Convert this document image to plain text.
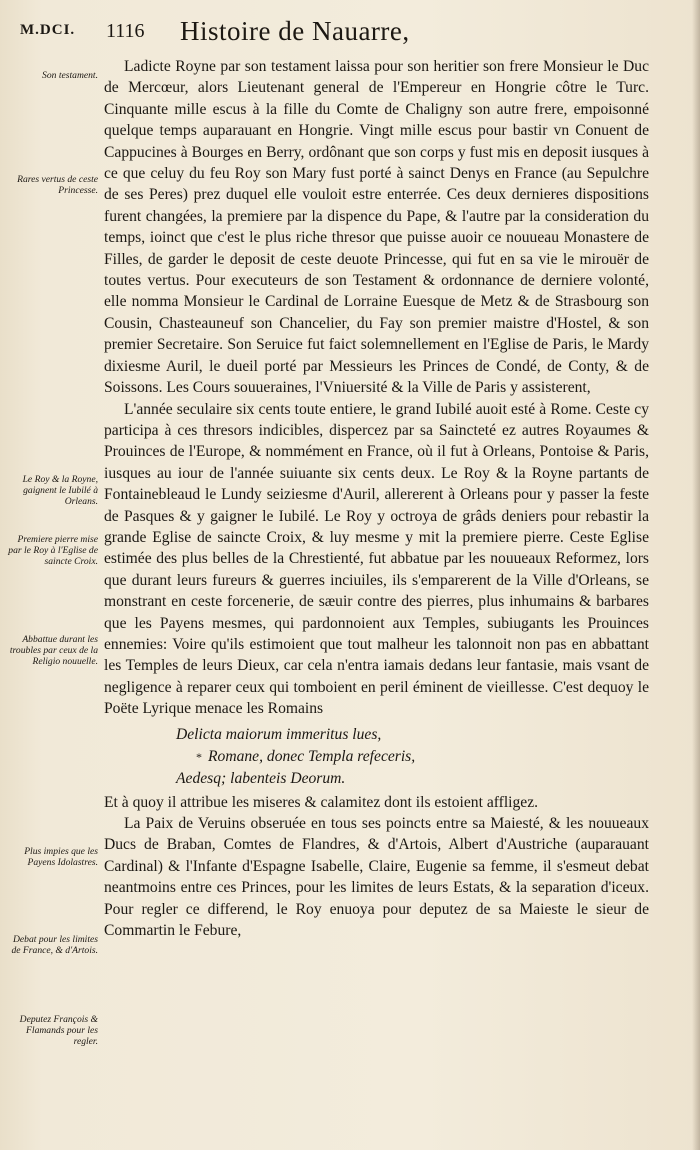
M.DCI. 1116 Histoire de Nauarre,
Son testament.
Rares vertus de ceste Princesse.
Le Roy & la Royne, gaignent le Iubilé à Orleans.
Premiere pierre mise par le Roy à l'Eglise de saincte Croix.
Abbattue durant les troubles par ceux de la Religio nouuelle.
Plus impies que les Payens Idolastres.
Debat pour les limites de France, & d'Artois.
Deputez François & Flamands pour les regler.

Ladicte Royne par son testament laissa pour son heritier son frere Monsieur le Duc de Mercœur, alors Lieutenant general de l'Empereur en Hongrie côtre le Turc. Cinquante mille escus à la fille du Comte de Chaligny son autre frere, empoisonné quelque temps auparauant en Hongrie. Vingt mille escus pour bastir vn Conuent de Cappucines à Bourges en Berry, ordônant que son corps y fust mis en deposit iusques à ce que celuy du feu Roy son Mary fust porté à sainct Denys en France (au Sepulchre de ses Peres) prez duquel elle vouloit estre enterrée. Ces deux dernieres dispositions furent changées, la premiere par la dispence du Pape, & l'autre par la consideration du temps, ioinct que c'est le plus riche thresor que puisse auoir ce nouueau Monastere de Filles, de garder le deposit de ceste deuote Princesse, qui fut en sa vie le mirouër de toutes vertus. Pour executeurs de son Testament & ordonnance de derniere volonté, elle nomma Monsieur le Cardinal de Lorraine Euesque de Metz & de Strasbourg son Cousin, Chasteauneuf son Chancelier, du Fay son premier maistre d'Hostel, & son premier Secretaire. Son Seruice fut faict solemnellement en l'Eglise de Paris, le Mardy dixiesme Auril, le dueil porté par Messieurs les Princes de Condé, de Conty, & de Soissons. Les Cours souueraines, l'Vniuersité & la Ville de Paris y assisterent,

L'année seculaire six cents toute entiere, le grand Iubilé auoit esté à Rome. Ceste cy participa à ces thresors indicibles, dispercez par sa Saincteté ez autres Royaumes & Prouinces de l'Europe, & nommément en France, où il fut à Orleans, Pontoise & Paris, iusques au iour de l'année suiuante six cents deux. Le Roy & la Royne partants de Fontainebleaud le Lundy seiziesme d'Auril, allererent à Orleans pour y passer la feste de Pasques & y gaigner le Iubilé. Le Roy y octroya de grâds deniers pour rebastir la grande Eglise de saincte Croix, & luy mesme y mit la premiere pierre. Ceste Eglise estimée des plus belles de la Chrestienté, fut abbatue par les nouueaux Reformez, lors que durant leurs fureurs & guerres inciuiles, ils s'emparerent de la Ville d'Orleans, se monstrant en ceste forcenerie, de sæuir contre des pierres, plus inhumains & barbares que les Payens mesmes, qui pardonnoient aux Temples, subiugants les Prouinces ennemies: Voire qu'ils estimoient que tout malheur les talonnoit non pas en abbattant les Temples de leurs Dieux, car cela n'entra iamais dedans leur fantasie, mais vsant de negligence à reparer ceux qui tomboient en peril éminent de vieillesse. C'est dequoy le Poëte Lyrique menace les Romains

Delicta maiorum immeritus lues,
* Romane, donec Templa refeceris,
Aedesq; labenteis Deorum.

Et à quoy il attribue les miseres & calamitez dont ils estoient affligez.

La Paix de Veruins obseruée en tous ses poincts entre sa Maiesté, & les nouueaux Ducs de Braban, Comtes de Flandres, & d'Artois, Albert d'Austriche (auparauant Cardinal) & l'Infante d'Espagne Isabelle, Claire, Eugenie sa femme, il s'esmeut debat neantmoins entre ces Princes, pour les limites de leurs Estats, & la separation d'iceux. Pour regler ce differend, le Roy enuoya pour deputez de sa Maieste le sieur de Commartin le Febure,
